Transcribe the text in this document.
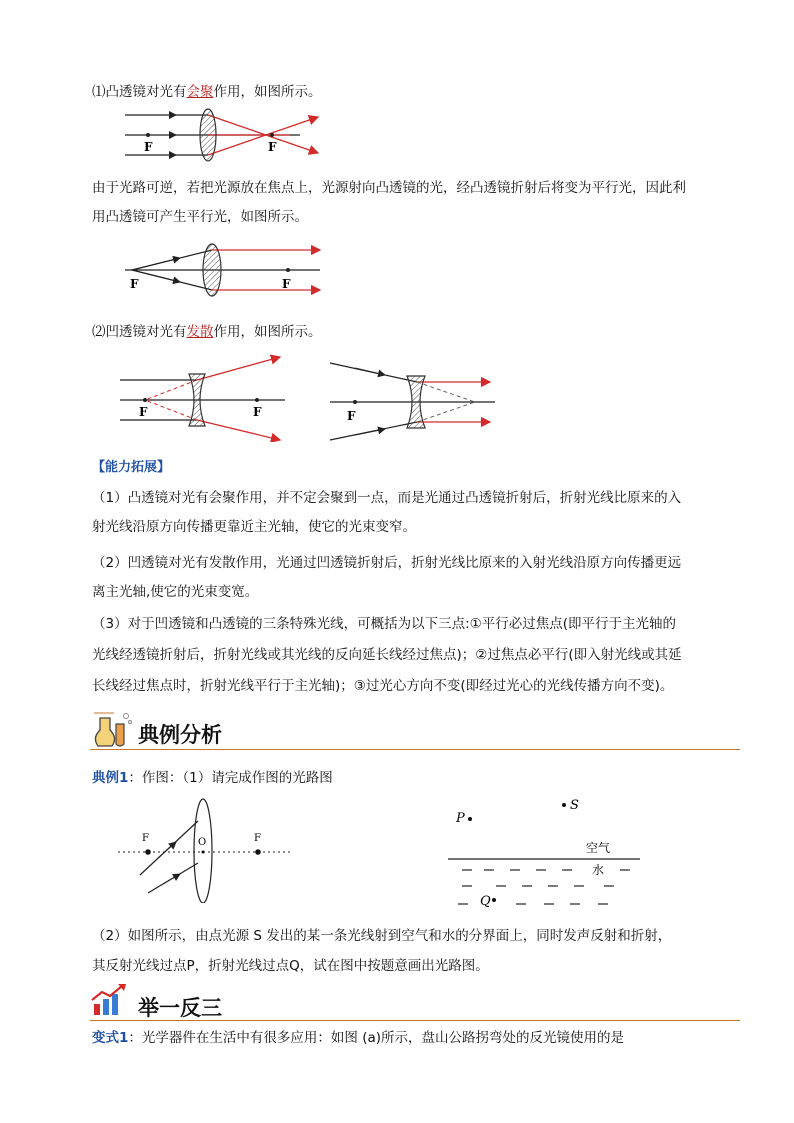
⑴凸透镜对光有会聚作用，如图所示。
F	F
由于光路可逆，若把光源放在焦点上，光源射向凸透镜的光，经凸透镜折射后将变为平行光，因此利
用凸透镜可产生平行光，如图所示。
F	F
⑵凹透镜对光有发散作用，如图所示。
F	F	F
【能力拓展】
（1）凸透镜对光有会聚作用，并不定会聚到一点，而是光通过凸透镜折射后，折射光线比原来的入
射光线沿原方向传播更靠近主光轴，使它的光束变窄。
（2）凹透镜对光有发散作用，光通过凹透镜折射后，折射光线比原来的入射光线沿原方向传播更远
离主光轴,使它的光束变宽。
（3）对于凹透镜和凸透镜的三条特殊光线，可概括为以下三点:①平行必过焦点(即平行于主光轴的
光线经透镜折射后，折射光线或其光线的反向延长线经过焦点)；②过焦点必平行(即入射光线或其延
长线经过焦点时，折射光线平行于主光轴)；③过光心方向不变(即经过光心的光线传播方向不变)。
典例分析
典例1：作图：（1）请完成作图的光路图
F	O	F
P
S
空气
水
Q
（2）如图所示，由点光源 S 发出的某一条光线射到空气和水的分界面上，同时发声反射和折射，
其反射光线过点P，折射光线过点Q，试在图中按题意画出光路图。
举一反三
变式1：光学器件在生活中有很多应用：如图 (a)所示，盘山公路拐弯处的反光镜使用的是
